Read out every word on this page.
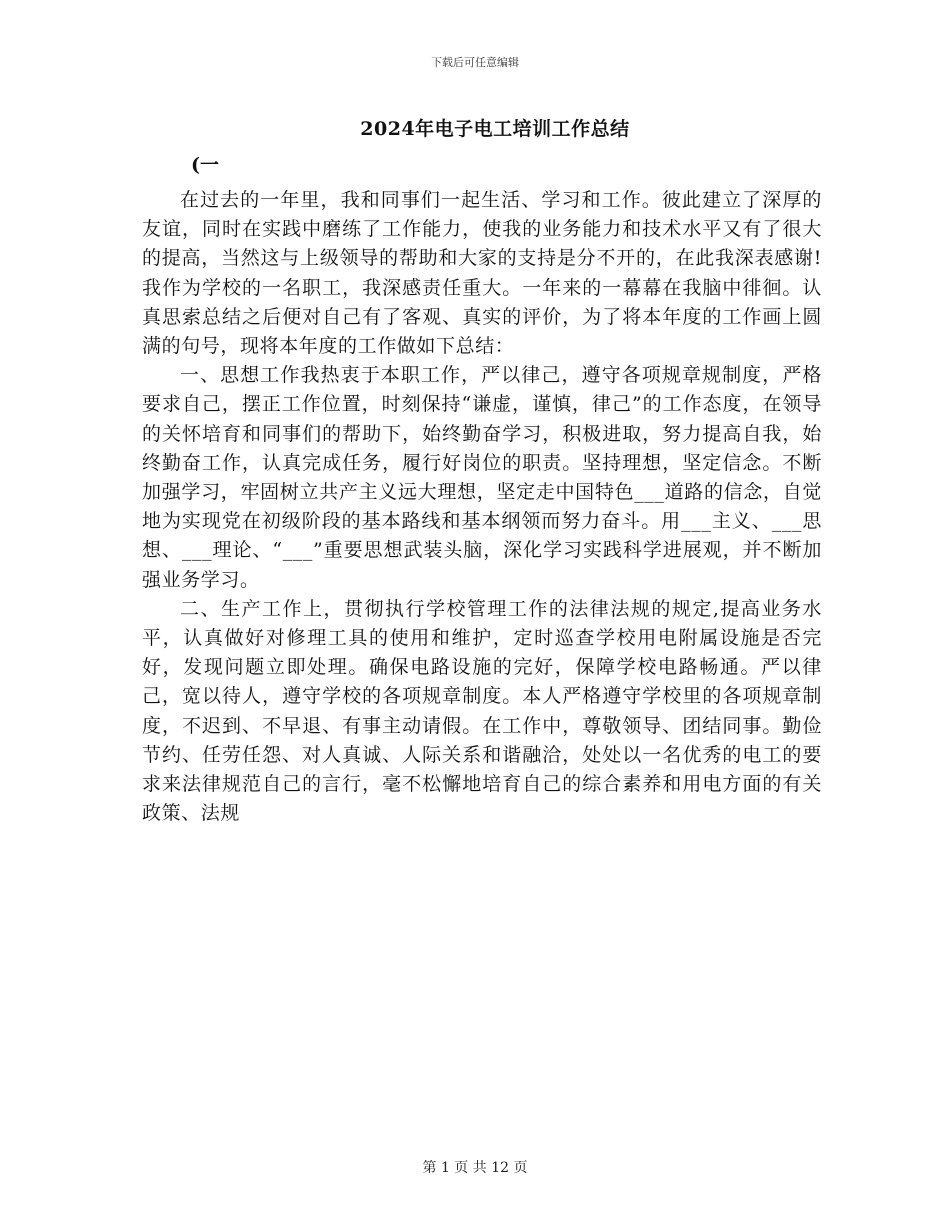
下载后可任意编辑
2024年电子电工培训工作总结
(一

在过去的一年里，我和同事们一起生活、学习和工作。彼此建立了深厚的友谊，同时在实践中磨练了工作能力，使我的业务能力和技术水平又有了很大的提高，当然这与上级领导的帮助和大家的支持是分不开的，在此我深表感谢!我作为学校的一名职工，我深感责任重大。一年来的一幕幕在我脑中徘徊。认真思索总结之后便对自己有了客观、真实的评价，为了将本年度的工作画上圆满的句号，现将本年度的工作做如下总结：

一、思想工作我热衷于本职工作，严以律己，遵守各项规章规制度，严格要求自己，摆正工作位置，时刻保持“谦虚，谨慎，律己”的工作态度，在领导的关怀培育和同事们的帮助下，始终勤奋学习，积极进取，努力提高自我，始终勤奋工作，认真完成任务，履行好岗位的职责。坚持理想，坚定信念。不断加强学习，牢固树立共产主义远大理想，坚定走中国特色___道路的信念，自觉地为实现党在初级阶段的基本路线和基本纲领而努力奋斗。用___主义、___思想、___理论、“___”重要思想武装头脑，深化学习实践科学进展观，并不断加强业务学习。

二、生产工作上，贯彻执行学校管理工作的法律法规的规定,提高业务水平，认真做好对修理工具的使用和维护，定时巡查学校用电附属设施是否完好，发现问题立即处理。确保电路设施的完好，保障学校电路畅通。严以律己，宽以待人，遵守学校的各项规章制度。本人严格遵守学校里的各项规章制度，不迟到、不早退、有事主动请假。在工作中，尊敬领导、团结同事。勤俭节约、任劳任怨、对人真诚、人际关系和谐融洽，处处以一名优秀的电工的要求来法律规范自己的言行，毫不松懈地培育自己的综合素养和用电方面的有关政策、法规

第 1 页 共 12 页
